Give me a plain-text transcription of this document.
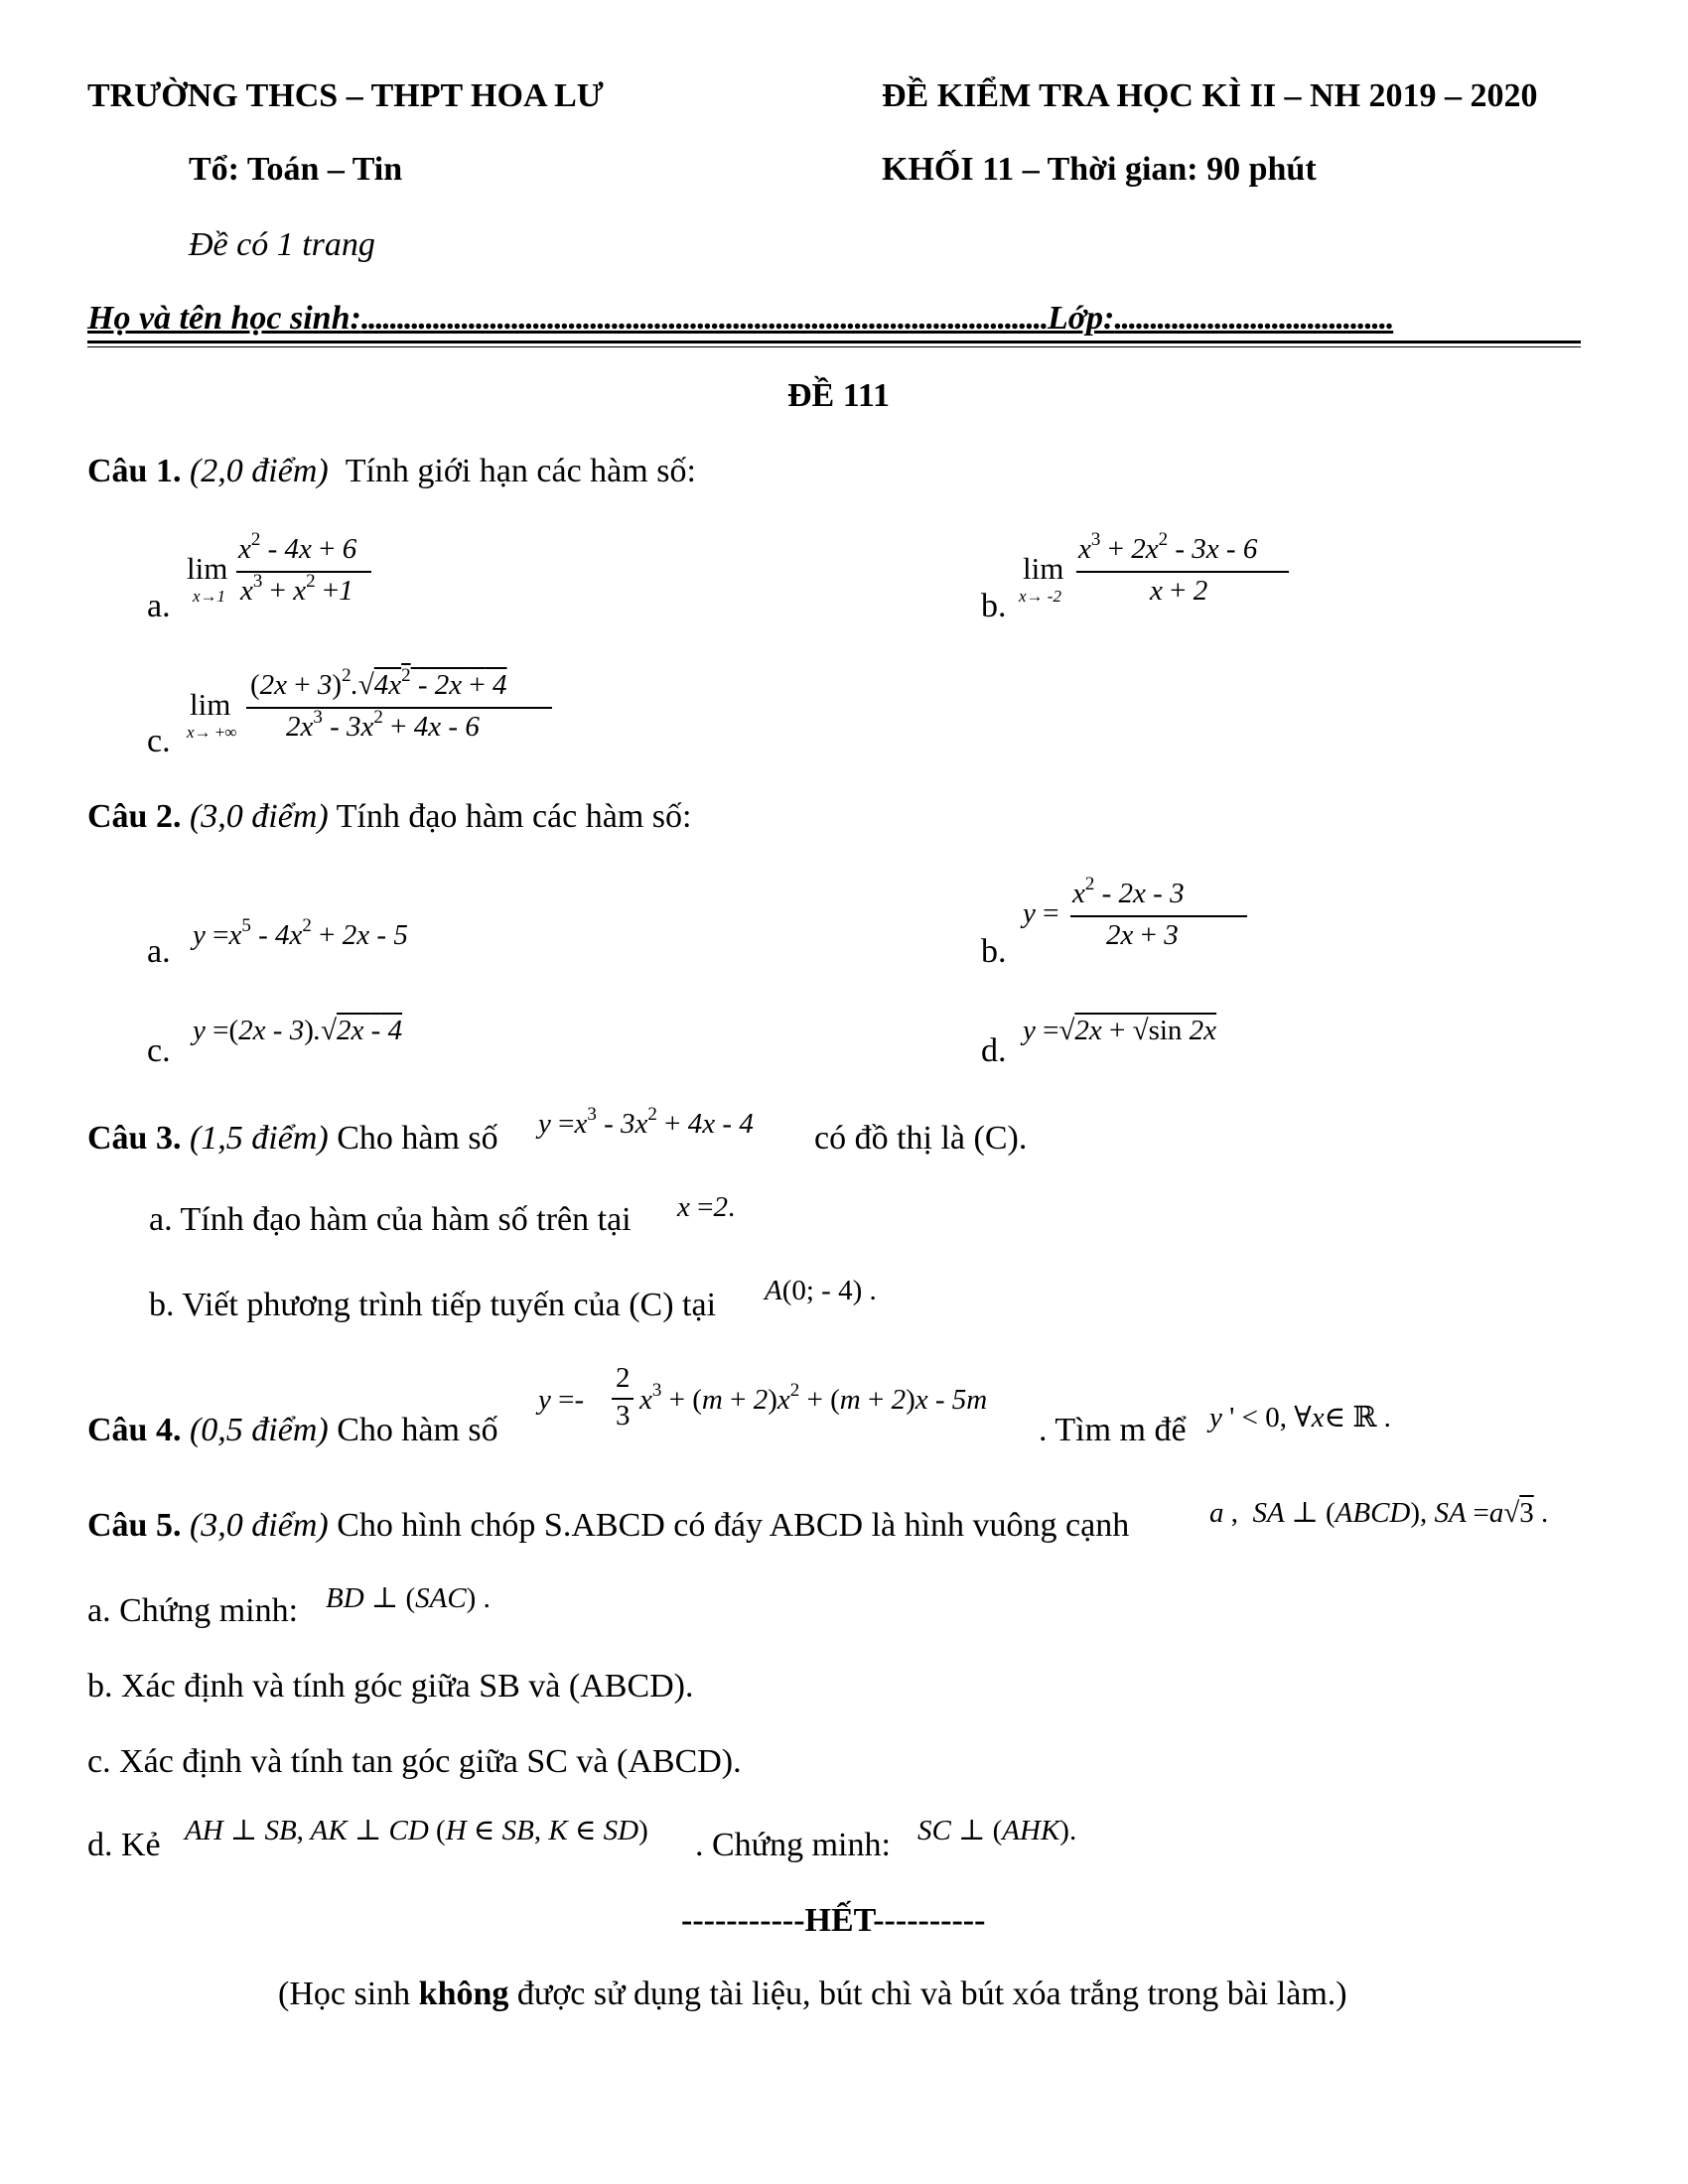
TRƯỜNG THCS – THPT HOA LƯ	ĐỀ KIỂM TRA HỌC KÌ II – NH 2019 – 2020
Tổ: Toán – Tin	KHỐI 11 – Thời gian: 90 phút
Đề có 1 trang
Họ và tên học sinh:................................................................................................Lớp:.......................................
ĐỀ 111
Câu 1. (2,0 điểm) Tính giới hạn các hàm số:
a.
lim
x→1
$x^2 - 4x + 6$
$x^3 + x^2 +1$	b.
lim
x→ -2
$x^3 + 2x^2 - 3x - 6$
x + 2
c.
lim
x→ +∞
$(2x + 3)^2.√4x^2 - 2x + 4$
$2x^3 - 3x^2 + 4x - 6$
Câu 2. (3,0 điểm) Tính đạo hàm các hàm số:
a. $y =x^5 - 4x^2 + 2x - 5$	b.
y =
$x^2 - 2x - 3$
2x + 3
c.
y =(2x - 3).√2x - 4
d.
y =√2x + √sin 2x
Câu 3. (1,5 điểm) Cho hàm số $y =x^3 - 3x^2 + 4x - 4$ có đồ thị là (C).
a. Tính đạo hàm của hàm số trên tại x =2.
b. Viết phương trình tiếp tuyến của (C) tại A(0; - 4) .
Câu 4. (0,5 điểm) Cho hàm số
y =-
2
3 $x^3 + (m + 2)x^2 + (m + 2)x - 5m$
. Tìm m để y ' < 0, ∀x∈ ℝ .
Câu 5. (3,0 điểm) Cho hình chóp S.ABCD có đáy ABCD là hình vuông cạnh	a ,  SA ⊥ (ABCD), SA =a√3 .
a. Chứng minh: BD ⊥ (SAC) .
b. Xác định và tính góc giữa SB và (ABCD).
c. Xác định và tính tan góc giữa SC và (ABCD).
d. Kẻ AH ⊥ SB, AK ⊥ CD (H ∈ SB, K ∈ SD) . Chứng minh: SC ⊥ (AHK).
-----------HẾT----------
(Học sinh không được sử dụng tài liệu, bút chì và bút xóa trắng trong bài làm.)
